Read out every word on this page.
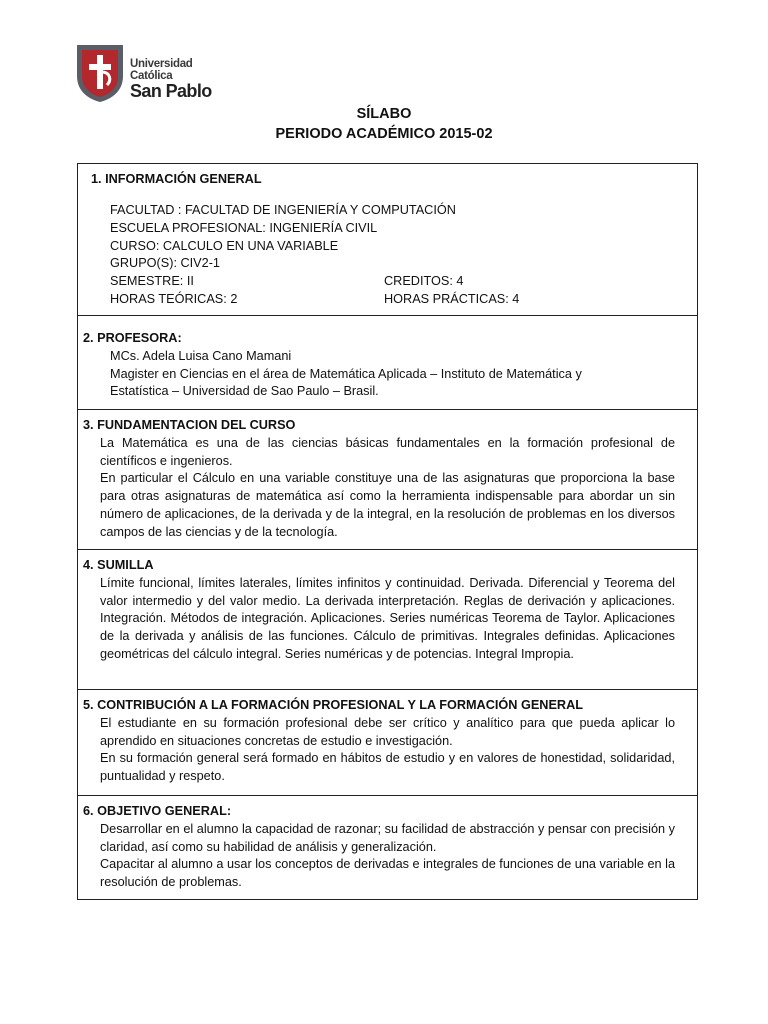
Universidad Católica
San Pablo
SÍLABO
PERIODO ACADÉMICO 2015-02
1. INFORMACIÓN GENERAL
FACULTAD : FACULTAD DE INGENIERÍA Y COMPUTACIÓN
ESCUELA PROFESIONAL: INGENIERÍA CIVIL
CURSO: CALCULO EN UNA VARIABLE
GRUPO(S): CIV2-1
SEMESTRE: II	CREDITOS: 4
HORAS TEÓRICAS: 2	HORAS PRÁCTICAS: 4
2. PROFESORA:
MCs. Adela Luisa Cano Mamani
Magister en Ciencias en el área de Matemática Aplicada – Instituto de Matemática y
Estatística – Universidad de Sao Paulo – Brasil.
3. FUNDAMENTACION DEL CURSO

La Matemática es una de las ciencias básicas fundamentales en la formación profesional de científicos e ingenieros.

En particular el Cálculo en una variable constituye una de las asignaturas que proporciona la base para otras asignaturas de matemática así como la herramienta indispensable para abordar un sin número de aplicaciones, de la derivada y de la integral, en la resolución de problemas en los diversos campos de las ciencias y de la tecnología.

4. SUMILLA

Límite funcional, límites laterales, límites infinitos y continuidad. Derivada. Diferencial y Teorema del valor intermedio y del valor medio. La derivada interpretación. Reglas de derivación y aplicaciones. Integración. Métodos de integración. Aplicaciones. Series numéricas Teorema de Taylor. Aplicaciones de la derivada y análisis de las funciones. Cálculo de primitivas. Integrales definidas. Aplicaciones geométricas del cálculo integral. Series numéricas y de potencias. Integral Impropia.

5. CONTRIBUCIÓN A LA FORMACIÓN PROFESIONAL Y LA FORMACIÓN GENERAL

El estudiante en su formación profesional debe ser crítico y analítico para que pueda aplicar lo aprendido en situaciones concretas de estudio e investigación.

En su formación general será formado en hábitos de estudio y en valores de honestidad, solidaridad, puntualidad y respeto.

6. OBJETIVO GENERAL:

Desarrollar en el alumno la capacidad de razonar; su facilidad de abstracción y pensar con precisión y claridad, así como su habilidad de análisis y generalización.

Capacitar al alumno a usar los conceptos de derivadas e integrales de funciones de una variable en la resolución de problemas.
